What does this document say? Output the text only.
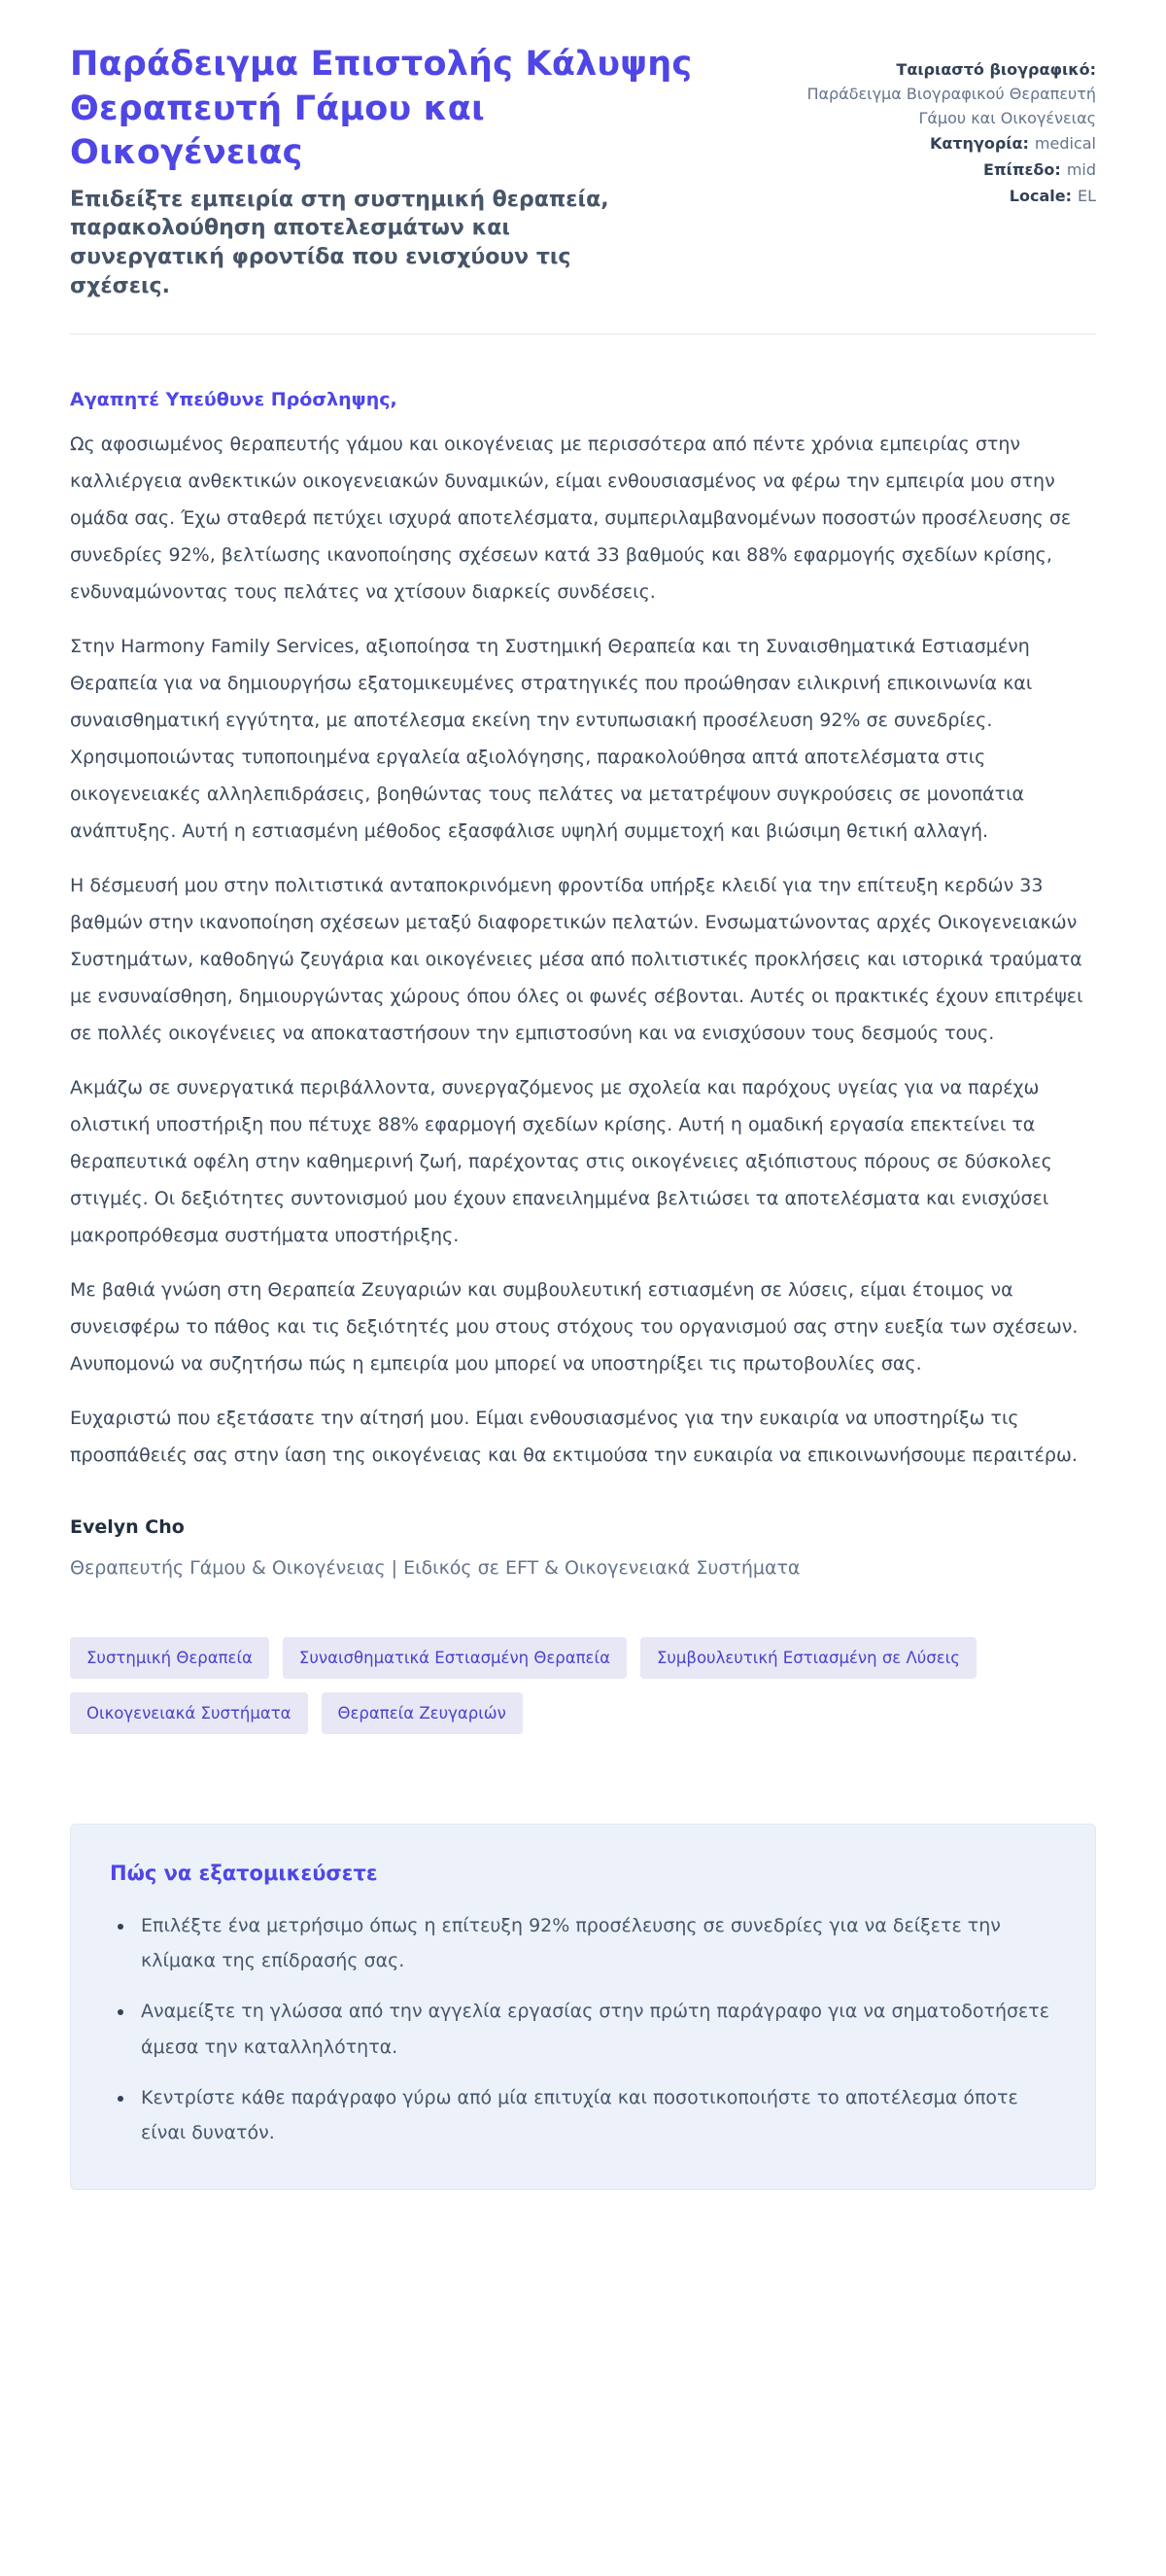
Παράδειγμα Επιστολής Κάλυψης Θεραπευτή Γάμου και Οικογένειας

Επιδείξτε εμπειρία στη συστημική θεραπεία, παρακολούθηση αποτελεσμάτων και συνεργατική φροντίδα που ενισχύουν τις σχέσεις.

Ταιριαστό βιογραφικό:
Παράδειγμα Βιογραφικού Θεραπευτή Γάμου και Οικογένειας
Κατηγορία: medical
Επίπεδο: mid
Locale: EL

Αγαπητέ Υπεύθυνε Πρόσληψης,

Ως αφοσιωμένος θεραπευτής γάμου και οικογένειας με περισσότερα από πέντε χρόνια εμπειρίας στην καλλιέργεια ανθεκτικών οικογενειακών δυναμικών, είμαι ενθουσιασμένος να φέρω την εμπειρία μου στην ομάδα σας. Έχω σταθερά πετύχει ισχυρά αποτελέσματα, συμπεριλαμβανομένων ποσοστών προσέλευσης σε συνεδρίες 92%, βελτίωσης ικανοποίησης σχέσεων κατά 33 βαθμούς και 88% εφαρμογής σχεδίων κρίσης, ενδυναμώνοντας τους πελάτες να χτίσουν διαρκείς συνδέσεις.

Στην Harmony Family Services, αξιοποίησα τη Συστημική Θεραπεία και τη Συναισθηματικά Εστιασμένη Θεραπεία για να δημιουργήσω εξατομικευμένες στρατηγικές που προώθησαν ειλικρινή επικοινωνία και συναισθηματική εγγύτητα, με αποτέλεσμα εκείνη την εντυπωσιακή προσέλευση 92% σε συνεδρίες. Χρησιμοποιώντας τυποποιημένα εργαλεία αξιολόγησης, παρακολούθησα απτά αποτελέσματα στις οικογενειακές αλληλεπιδράσεις, βοηθώντας τους πελάτες να μετατρέψουν συγκρούσεις σε μονοπάτια ανάπτυξης. Αυτή η εστιασμένη μέθοδος εξασφάλισε υψηλή συμμετοχή και βιώσιμη θετική αλλαγή.

Η δέσμευσή μου στην πολιτιστικά ανταποκρινόμενη φροντίδα υπήρξε κλειδί για την επίτευξη κερδών 33 βαθμών στην ικανοποίηση σχέσεων μεταξύ διαφορετικών πελατών. Ενσωματώνοντας αρχές Οικογενειακών Συστημάτων, καθοδηγώ ζευγάρια και οικογένειες μέσα από πολιτιστικές προκλήσεις και ιστορικά τραύματα με ενσυναίσθηση, δημιουργώντας χώρους όπου όλες οι φωνές σέβονται. Αυτές οι πρακτικές έχουν επιτρέψει σε πολλές οικογένειες να αποκαταστήσουν την εμπιστοσύνη και να ενισχύσουν τους δεσμούς τους.

Ακμάζω σε συνεργατικά περιβάλλοντα, συνεργαζόμενος με σχολεία και παρόχους υγείας για να παρέχω ολιστική υποστήριξη που πέτυχε 88% εφαρμογή σχεδίων κρίσης. Αυτή η ομαδική εργασία επεκτείνει τα θεραπευτικά οφέλη στην καθημερινή ζωή, παρέχοντας στις οικογένειες αξιόπιστους πόρους σε δύσκολες στιγμές. Οι δεξιότητες συντονισμού μου έχουν επανειλημμένα βελτιώσει τα αποτελέσματα και ενισχύσει μακροπρόθεσμα συστήματα υποστήριξης.

Με βαθιά γνώση στη Θεραπεία Ζευγαριών και συμβουλευτική εστιασμένη σε λύσεις, είμαι έτοιμος να συνεισφέρω το πάθος και τις δεξιότητές μου στους στόχους του οργανισμού σας στην ευεξία των σχέσεων. Ανυπομονώ να συζητήσω πώς η εμπειρία μου μπορεί να υποστηρίξει τις πρωτοβουλίες σας.

Ευχαριστώ που εξετάσατε την αίτησή μου. Είμαι ενθουσιασμένος για την ευκαιρία να υποστηρίξω τις προσπάθειές σας στην ίαση της οικογένειας και θα εκτιμούσα την ευκαιρία να επικοινωνήσουμε περαιτέρω.

Evelyn Cho

Θεραπευτής Γάμου & Οικογένειας | Ειδικός σε EFT & Οικογενειακά Συστήματα

Συστημική Θεραπεία	Συναισθηματικά Εστιασμένη Θεραπεία	Συμβουλευτική Εστιασμένη σε Λύσεις
Οικογενειακά Συστήματα	Θεραπεία Ζευγαριών

Πώς να εξατομικεύσετε

• Επιλέξτε ένα μετρήσιμο όπως η επίτευξη 92% προσέλευσης σε συνεδρίες για να δείξετε την κλίμακα της επίδρασής σας.
• Αναμείξτε τη γλώσσα από την αγγελία εργασίας στην πρώτη παράγραφο για να σηματοδοτήσετε άμεσα την καταλληλότητα.
• Κεντρίστε κάθε παράγραφο γύρω από μία επιτυχία και ποσοτικοποιήστε το αποτέλεσμα όποτε είναι δυνατόν.
